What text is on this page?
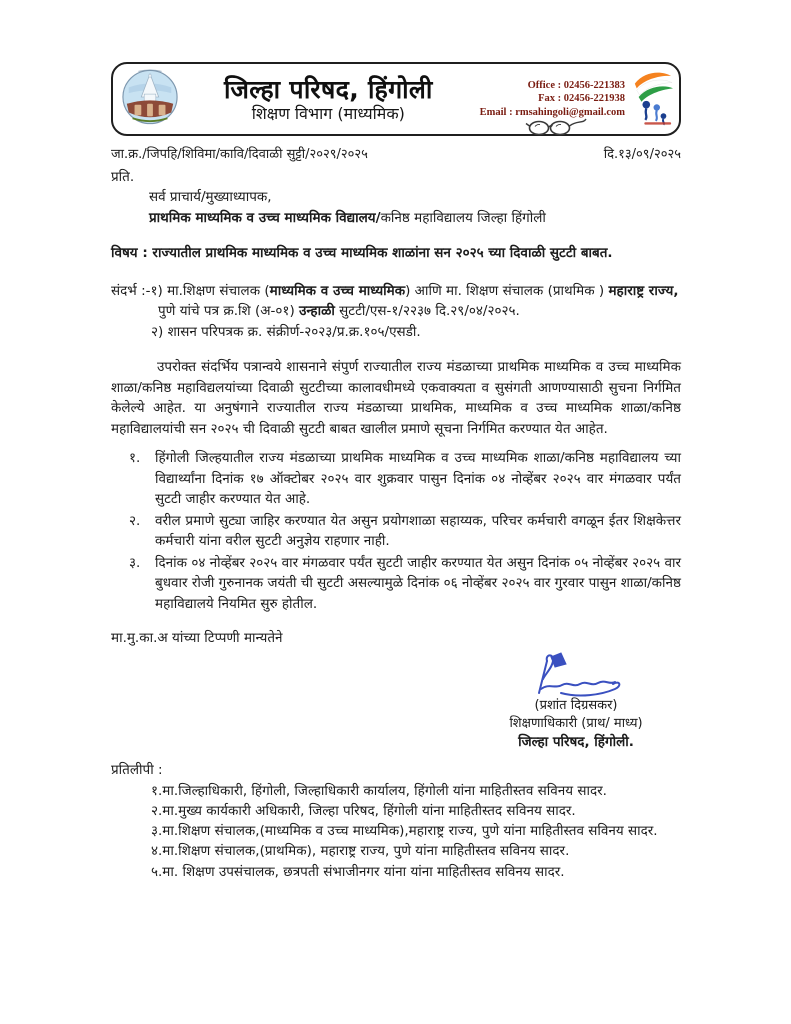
जिल्हा परिषद, हिंगोली
शिक्षण विभाग (माध्यमिक)
Office : 02456-221383
Fax : 02456-221938
Email : rmsahingoli@gmail.com
जा.क्र./जिपहि/शिविमा/कावि/दिवाळी सुट्टी/२०२९/२०२५	दि.१३/०९/२०२५
प्रति.
सर्व प्राचार्य/मुख्याध्यापक,
प्राथमिक माध्यमिक व उच्च माध्यमिक विद्यालय/कनिष्ठ महाविद्यालय जिल्हा हिंगोली
विषय : राज्यातील प्राथमिक माध्यमिक व उच्च माध्यमिक शाळांना सन २०२५ च्या दिवाळी सुटटी बाबत.
संदर्भ :-१) मा.शिक्षण संचालक (माध्यमिक व उच्च माध्यमिक) आणि मा. शिक्षण संचालक (प्राथमिक ) महाराष्ट्र राज्य,
पुणे यांचे पत्र क्र.शि (अ-०१) उन्हाळी सुटटी/एस-१/२२३७ दि.२९/०४/२०२५.
२) शासन परिपत्रक क्र. संक्रीर्ण-२०२३/प्र.क्र.१०५/एसडी.
उपरोक्त संदर्भिय पत्रान्वये शासनाने संपुर्ण राज्यातील राज्य मंडळाच्या प्राथमिक माध्यमिक व उच्च माध्यमिक शाळा/कनिष्ठ महाविद्यलयांच्या दिवाळी सुटटीच्या कालावधीमध्ये एकवाक्यता व सुसंगती आणण्यासाठी सुचना निर्गमित केलेल्ये आहेत. या अनुषंगाने राज्यातील राज्य मंडळाच्या प्राथमिक, माध्यमिक व उच्च माध्यमिक शाळा/कनिष्ठ महाविद्यालयांची सन २०२५ ची दिवाळी सुटटी बाबत खालील प्रमाणे सूचना निर्गमित करण्यात येत आहेत.
१.	हिंगोली जिल्हयातील राज्य मंडळाच्या प्राथमिक माध्यमिक व उच्च माध्यमिक शाळा/कनिष्ठ महाविद्यालय च्या विद्यार्थ्यांना दिनांक १७ ऑक्टोबर २०२५ वार शुक्रवार पासुन दिनांक ०४ नोव्हेंबर २०२५ वार मंगळवार पर्यंत सुटटी जाहीर करण्यात येत आहे.
२.	वरील प्रमाणे सुट्या जाहिर करण्यात येत असुन प्रयोगशाळा सहाय्यक, परिचर कर्मचारी वगळून ईतर शिक्षकेत्तर कर्मचारी यांना वरील सुटटी अनुज्ञेय राहणार नाही.
३.	दिनांक ०४ नोव्हेंबर २०२५ वार मंगळवार पर्यंत सुटटी जाहीर करण्यात येत असुन दिनांक ०५ नोव्हेंबर २०२५ वार बुधवार रोजी गुरुनानक जयंती ची सुटटी असल्यामुळे दिनांक ०६ नोव्हेंबर २०२५ वार गुरवार पासुन शाळा/कनिष्ठ महाविद्यालये नियमित सुरु होतील.
मा.मु.का.अ यांच्या टिप्पणी मान्यतेने
(प्रशांत दिग्रसकर)
शिक्षणाधिकारी (प्राथ/ माध्य)
जिल्हा परिषद, हिंगोली.
प्रतिलीपी :
१.मा.जिल्हाधिकारी, हिंगोली, जिल्हाधिकारी कार्यालय, हिंगोली यांना माहितीस्तव सविनय सादर.
२.मा.मुख्य कार्यकारी अधिकारी, जिल्हा परिषद, हिंगोली यांना माहितीस्तद सविनय सादर.
३.मा.शिक्षण संचालक,(माध्यमिक व उच्च माध्यमिक),महाराष्ट्र राज्य, पुणे यांना माहितीस्तव सविनय सादर.
४.मा.शिक्षण संचालक,(प्राथमिक), महाराष्ट्र राज्य, पुणे यांना माहितीस्तव सविनय सादर.
५.मा. शिक्षण उपसंचालक, छत्रपती संभाजीनगर यांना यांना माहितीस्तव सविनय सादर.
